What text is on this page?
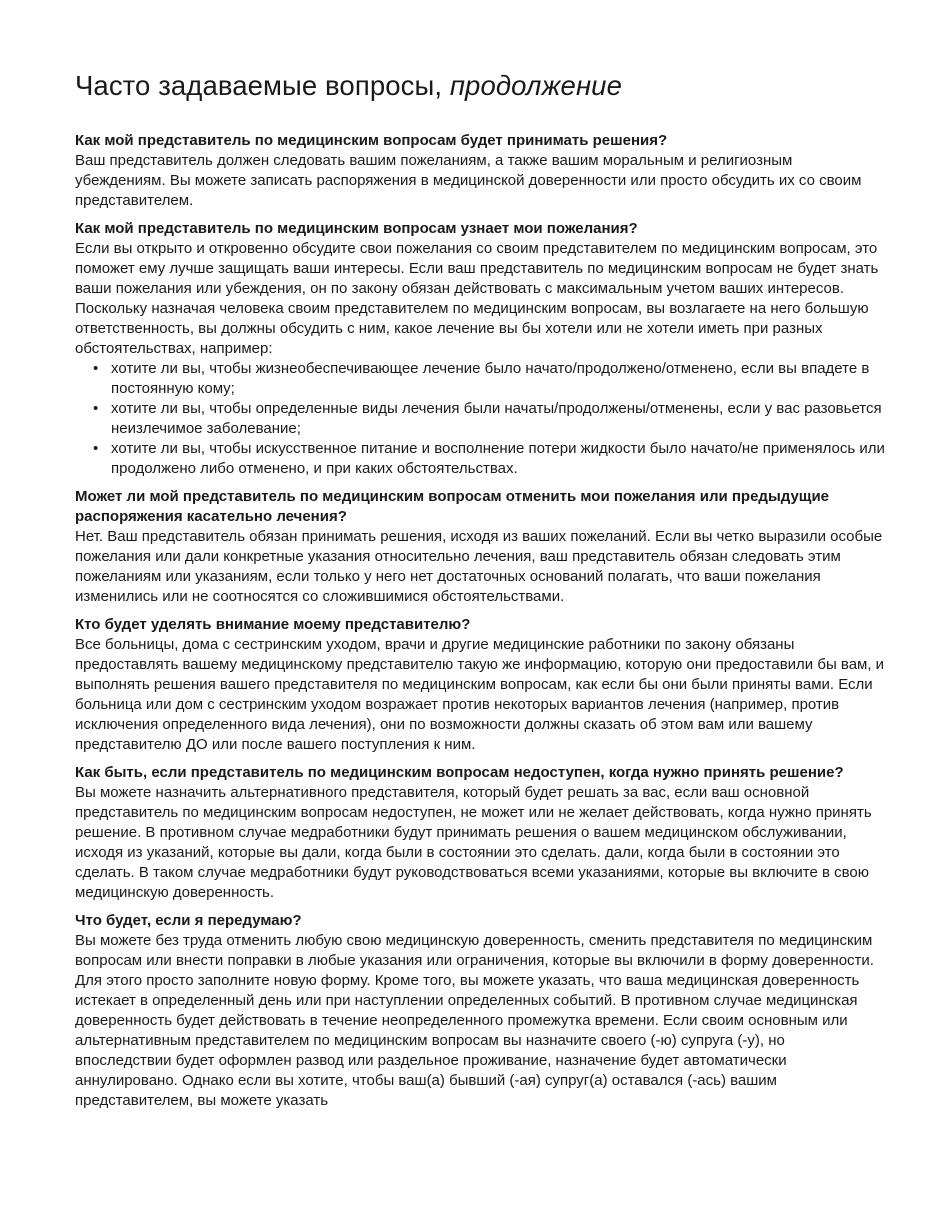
Часто задаваемые вопросы, продолжение

Как мой представитель по медицинским вопросам будет принимать решения?

Ваш представитель должен следовать вашим пожеланиям, а также вашим моральным и религиозным убеждениям. Вы можете записать распоряжения в медицинской доверенности или просто обсудить их со своим представителем.

Как мой представитель по медицинским вопросам узнает мои пожелания?

Если вы открыто и откровенно обсудите свои пожелания со своим представителем по медицинским вопросам, это поможет ему лучше защищать ваши интересы. Если ваш представитель по медицинским вопросам не будет знать ваши пожелания или убеждения, он по закону обязан действовать с максимальным учетом ваших интересов. Поскольку назначая человека своим представителем по медицинским вопросам, вы возлагаете на него большую ответственность, вы должны обсудить с ним, какое лечение вы бы хотели или не хотели иметь при разных обстоятельствах, например:

• хотите ли вы, чтобы жизнеобеспечивающее лечение было начато/продолжено/отменено, если вы впадете в постоянную кому;
• хотите ли вы, чтобы определенные виды лечения были начаты/продолжены/отменены, если у вас разовьется неизлечимое заболевание;
• хотите ли вы, чтобы искусственное питание и восполнение потери жидкости было начато/не применялось или продолжено либо отменено, и при каких обстоятельствах.

Может ли мой представитель по медицинским вопросам отменить мои пожелания или предыдущие распоряжения касательно лечения?

Нет. Ваш представитель обязан принимать решения, исходя из ваших пожеланий. Если вы четко выразили особые пожелания или дали конкретные указания относительно лечения, ваш представитель обязан следовать этим пожеланиям или указаниям, если только у него нет достаточных оснований полагать, что ваши пожелания изменились или не соотносятся со сложившимися обстоятельствами.

Кто будет уделять внимание моему представителю?

Все больницы, дома с сестринским уходом, врачи и другие медицинские работники по закону обязаны предоставлять вашему медицинскому представителю такую же информацию, которую они предоставили бы вам, и выполнять решения вашего представителя по медицинским вопросам, как если бы они были приняты вами. Если больница или дом с сестринским уходом возражает против некоторых вариантов лечения (например, против исключения определенного вида лечения), они по возможности должны сказать об этом вам или вашему представителю ДО или после вашего поступления к ним.

Как быть, если представитель по медицинским вопросам недоступен, когда нужно принять решение?

Вы можете назначить альтернативного представителя, который будет решать за вас, если ваш основной представитель по медицинским вопросам недоступен, не может или не желает действовать, когда нужно принять решение. В противном случае медработники будут принимать решения о вашем медицинском обслуживании, исходя из указаний, которые вы дали, когда были в состоянии это сделать. дали, когда были в состоянии это сделать. В таком случае медработники будут руководствоваться всеми указаниями, которые вы включите в свою медицинскую доверенность.

Что будет, если я передумаю?

Вы можете без труда отменить любую свою медицинскую доверенность, сменить представителя по медицинским вопросам или внести поправки в любые указания или ограничения, которые вы включили в форму доверенности. Для этого просто заполните новую форму. Кроме того, вы можете указать, что ваша медицинская доверенность истекает в определенный день или при наступлении определенных событий. В противном случае медицинская доверенность будет действовать в течение неопределенного промежутка времени. Если своим основным или альтернативным представителем по медицинским вопросам вы назначите своего (-ю) супруга (-у), но впоследствии будет оформлен развод или раздельное проживание, назначение будет автоматически аннулировано. Однако если вы хотите, чтобы ваш(а) бывший (-ая) супруг(а) оставался (-ась) вашим представителем, вы можете указать
